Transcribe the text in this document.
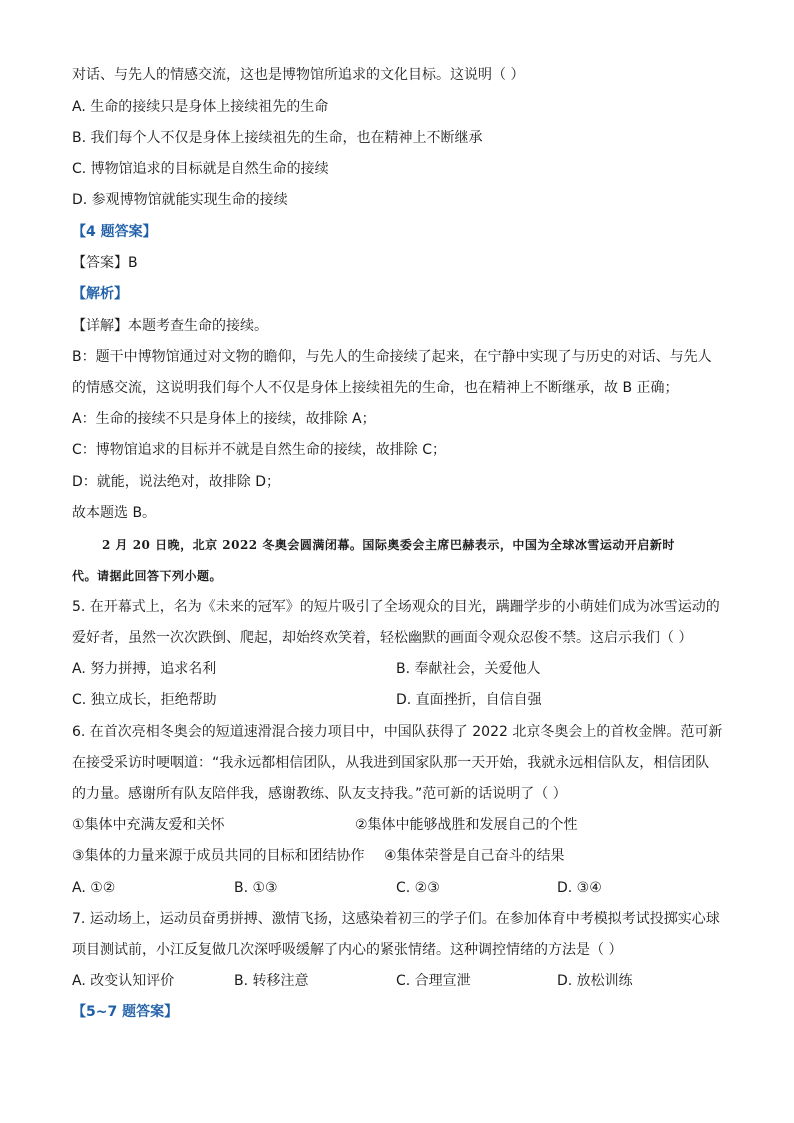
对话、与先人的情感交流，这也是博物馆所追求的文化目标。这说明（ ）
A. 生命的接续只是身体上接续祖先的生命
B. 我们每个人不仅是身体上接续祖先的生命，也在精神上不断继承
C. 博物馆追求的目标就是自然生命的接续
D. 参观博物馆就能实现生命的接续
【4 题答案】
【答案】B
【解析】
【详解】本题考查生命的接续。
B：题干中博物馆通过对文物的瞻仰，与先人的生命接续了起来，在宁静中实现了与历史的对话、与先人
的情感交流，这说明我们每个人不仅是身体上接续祖先的生命，也在精神上不断继承，故 B 正确；
A：生命的接续不只是身体上的接续，故排除 A；
C：博物馆追求的目标并不就是自然生命的接续，故排除 C；
D：就能，说法绝对，故排除 D；
故本题选 B。
2 月 20 日晚，北京 2022 冬奥会圆满闭幕。国际奥委会主席巴赫表示，中国为全球冰雪运动开启新时
代。请据此回答下列小题。
5. 在开幕式上，名为《未来的冠军》的短片吸引了全场观众的目光，蹒跚学步的小萌娃们成为冰雪运动的
爱好者，虽然一次次跌倒、爬起，却始终欢笑着，轻松幽默的画面令观众忍俊不禁。这启示我们（ ）
A. 努力拼搏，追求名利	B. 奉献社会，关爱他人
C. 独立成长，拒绝帮助	D. 直面挫折，自信自强
6. 在首次亮相冬奥会的短道速滑混合接力项目中，中国队获得了 2022 北京冬奥会上的首枚金牌。范可新
在接受采访时哽咽道：“我永远都相信团队，从我进到国家队那一天开始，我就永远相信队友，相信团队
的力量。感谢所有队友陪伴我，感谢教练、队友支持我。”范可新的话说明了（ ）
①集体中充满友爱和关怀	②集体中能够战胜和发展自己的个性
③集体的力量来源于成员共同的目标和团结协作 ④集体荣誉是自己奋斗的结果
A. ①②	B. ①③	C. ②③	D. ③④
7. 运动场上，运动员奋勇拼搏、激情飞扬，这感染着初三的学子们。在参加体育中考模拟考试投掷实心球
项目测试前，小江反复做几次深呼吸缓解了内心的紧张情绪。这种调控情绪的方法是（ ）
A. 改变认知评价	B. 转移注意	C. 合理宣泄	D. 放松训练
【5~7 题答案】
